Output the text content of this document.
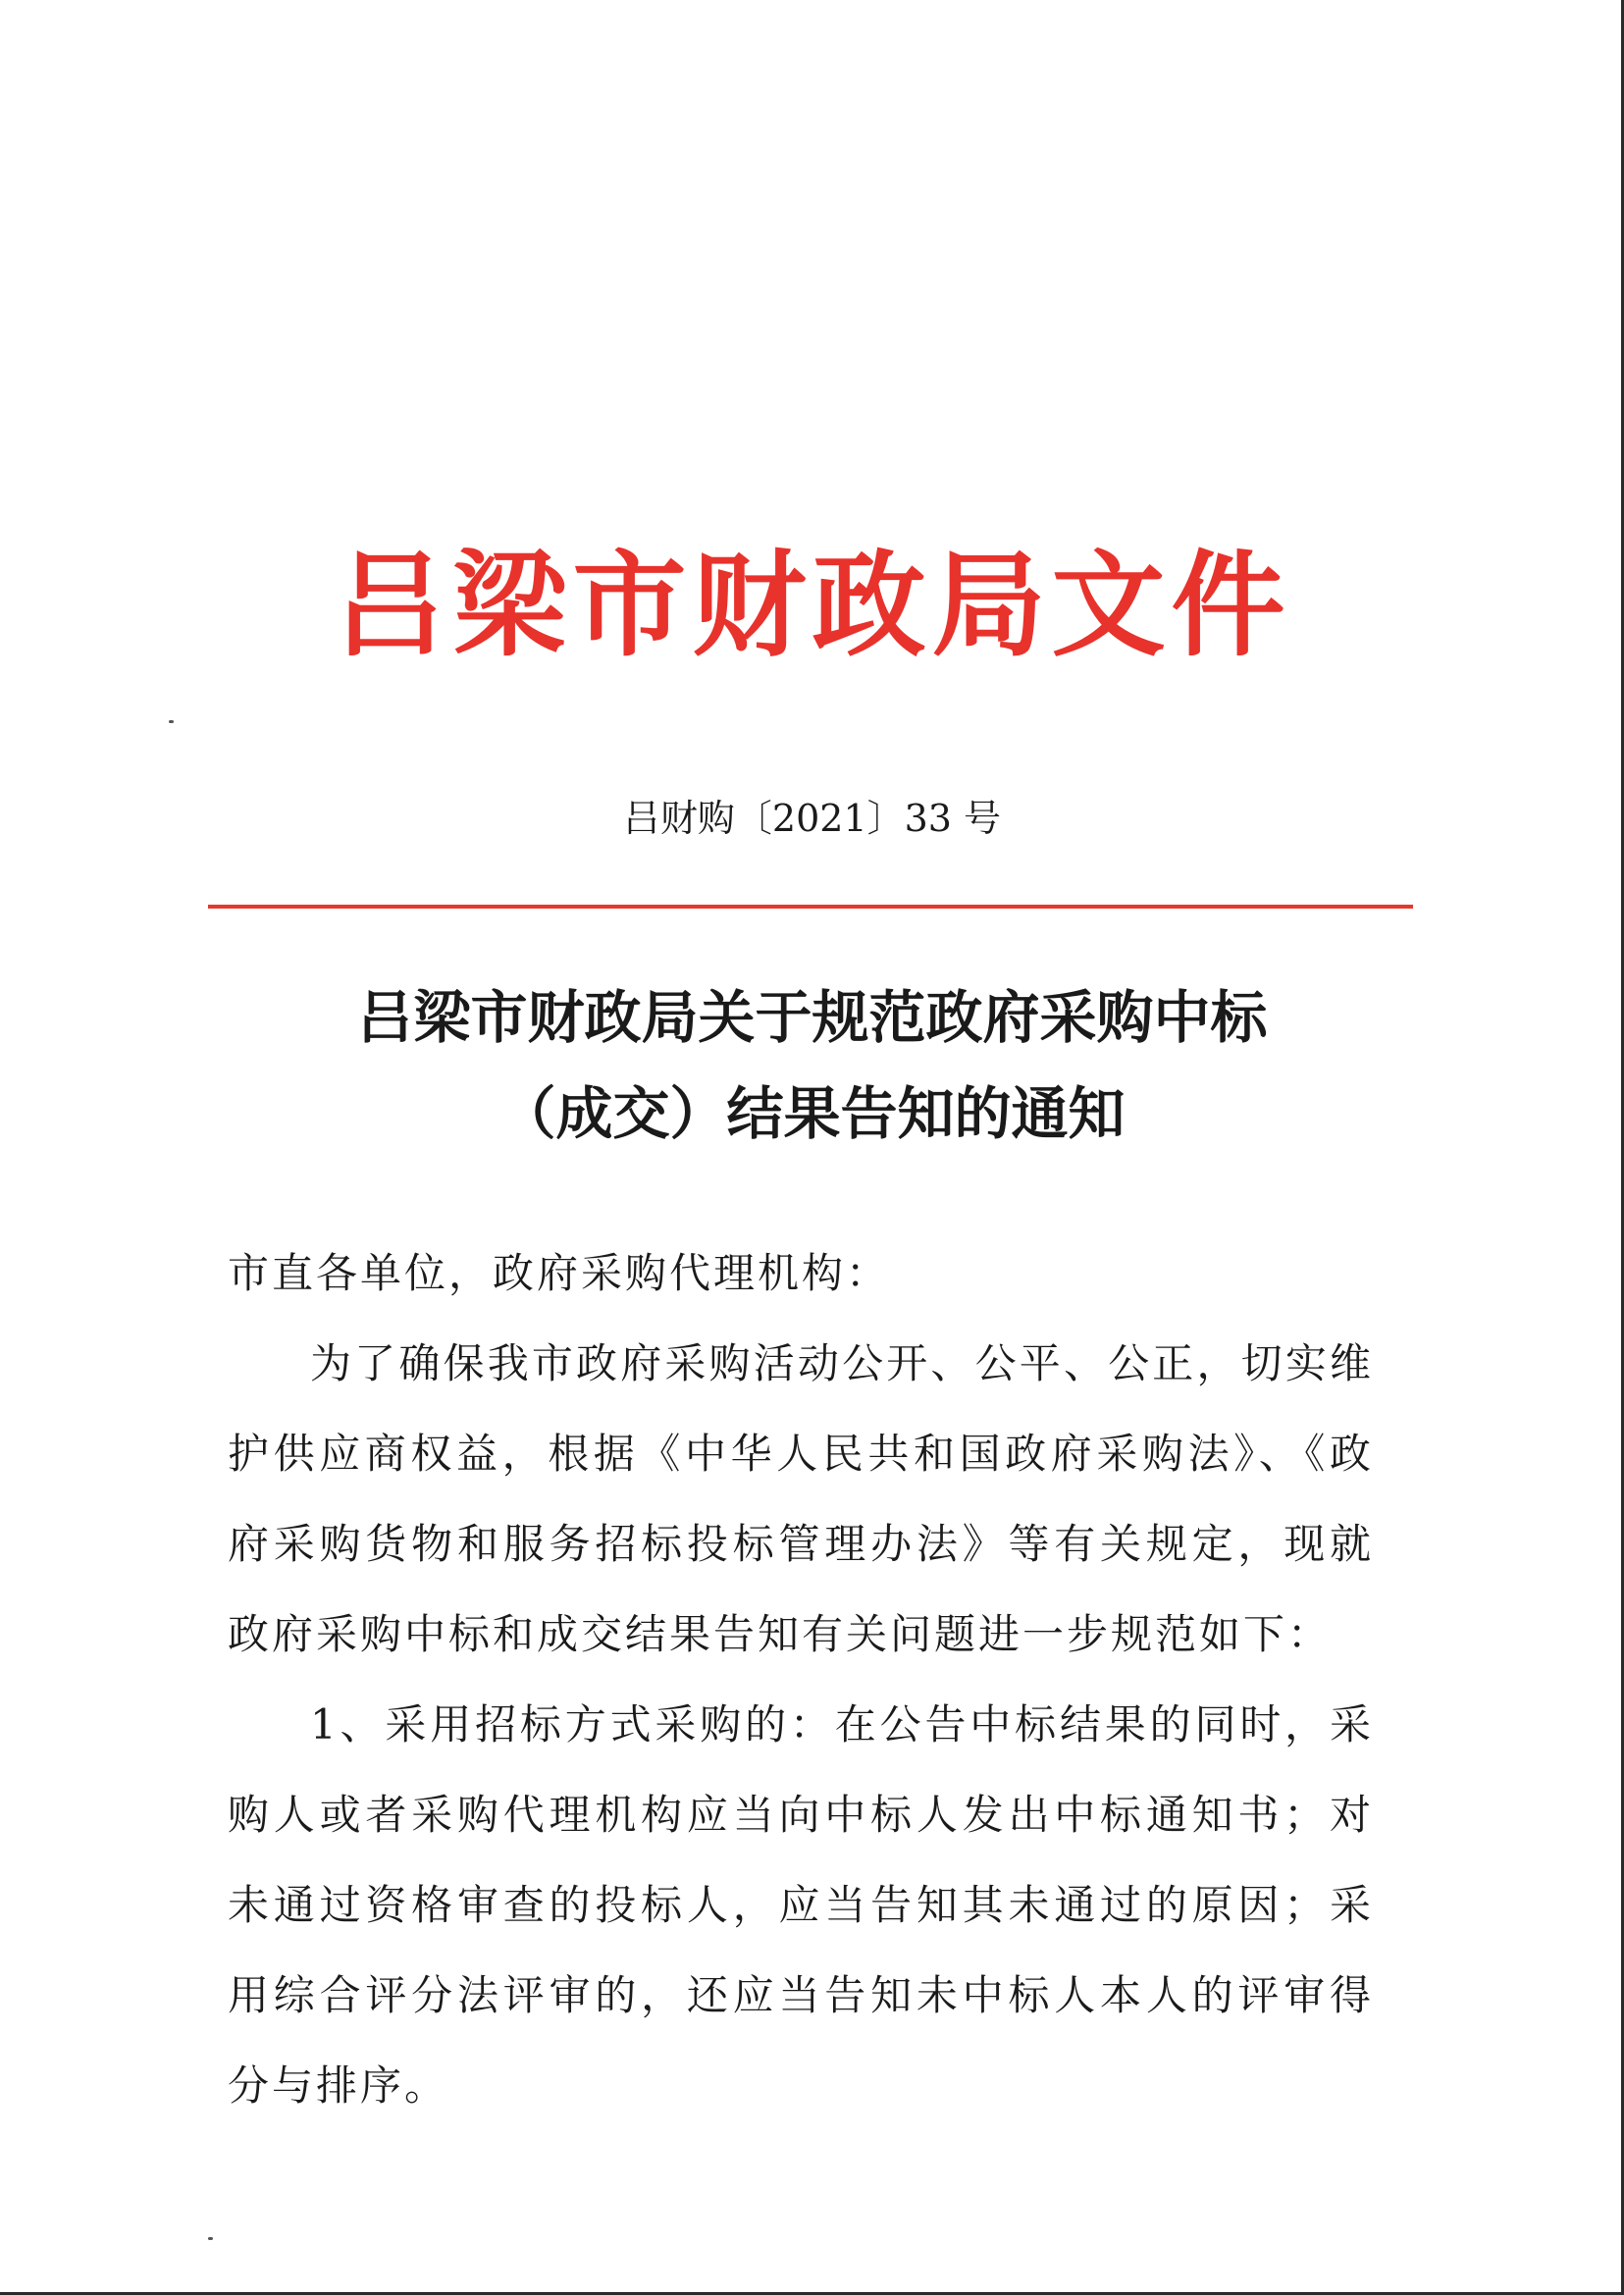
吕梁市财政局文件
吕财购〔2021〕33 号
吕梁市财政局关于规范政府采购中标
（成交）结果告知的通知

市直各单位，政府采购代理机构：

为了确保我市政府采购活动公开、公平、公正，切实维护供应商权益，根据《中华人民共和国政府采购法》、《政府采购货物和服务招标投标管理办法》等有关规定，现就政府采购中标和成交结果告知有关问题进一步规范如下：

1、采用招标方式采购的：在公告中标结果的同时，采购人或者采购代理机构应当向中标人发出中标通知书；对未通过资格审查的投标人，应当告知其未通过的原因；采用综合评分法评审的，还应当告知未中标人本人的评审得分与排序。
